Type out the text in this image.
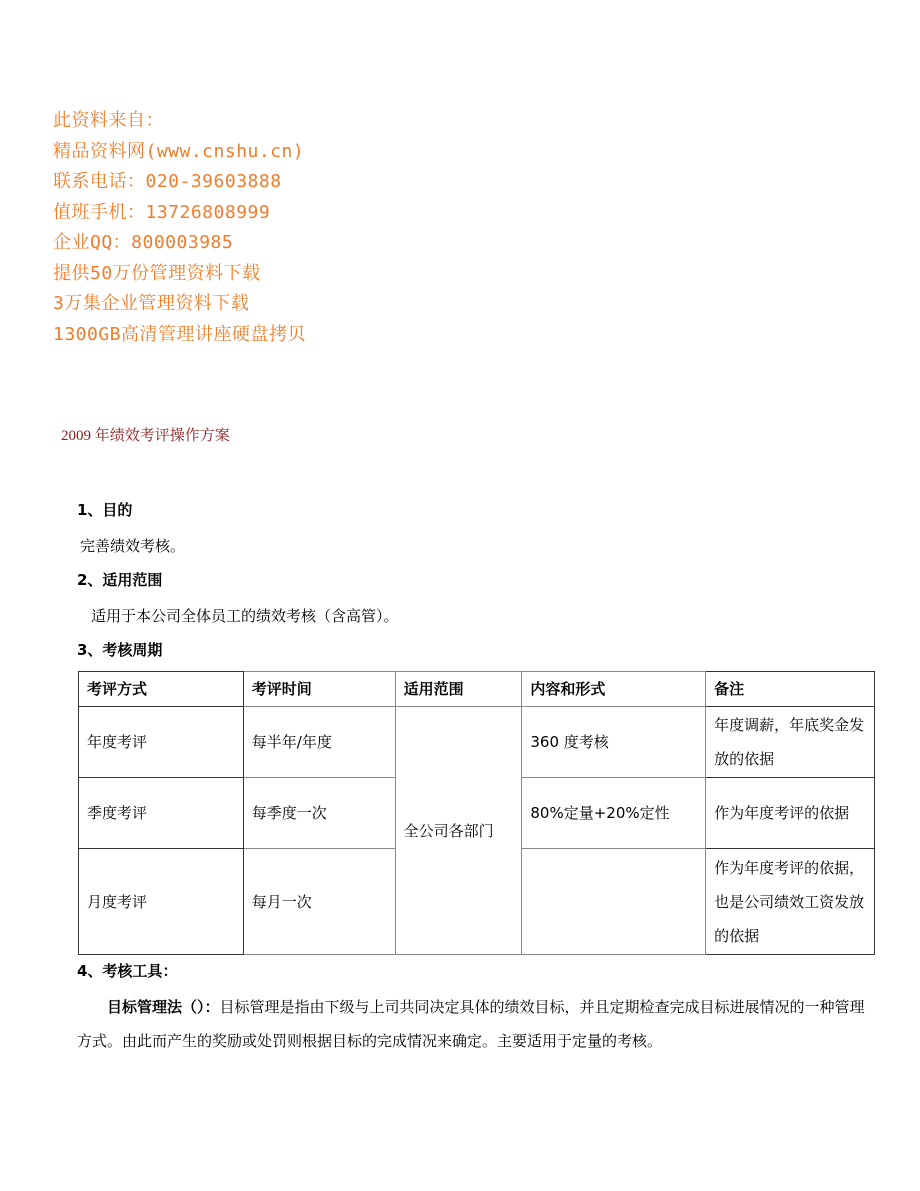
此资料来自：
精品资料网(www.cnshu.cn)
联系电话：020-39603888
值班手机：13726808999
企业QQ：800003985
提供50万份管理资料下载
3万集企业管理资料下载
1300GB高清管理讲座硬盘拷贝
2009 年绩效考评操作方案
1、目的
完善绩效考核。
2、适用范围
适用于本公司全体员工的绩效考核（含高管）。
3、考核周期
考评方式	考评时间	适用范围	内容和形式	备注
年度考评	每半年/年度	全公司各部门	360 度考核	年度调薪，年底奖金发放的依据
季度考评	每季度一次		80%定量+20%定性	作为年度考评的依据
月度考评	每月一次			作为年度考评的依据，也是公司绩效工资发放的依据
4、考核工具：
目标管理法（）：目标管理是指由下级与上司共同决定具体的绩效目标，并且定期检查完成目标进展情况的一种管理方式。由此而产生的奖励或处罚则根据目标的完成情况来确定。主要适用于定量的考核。
